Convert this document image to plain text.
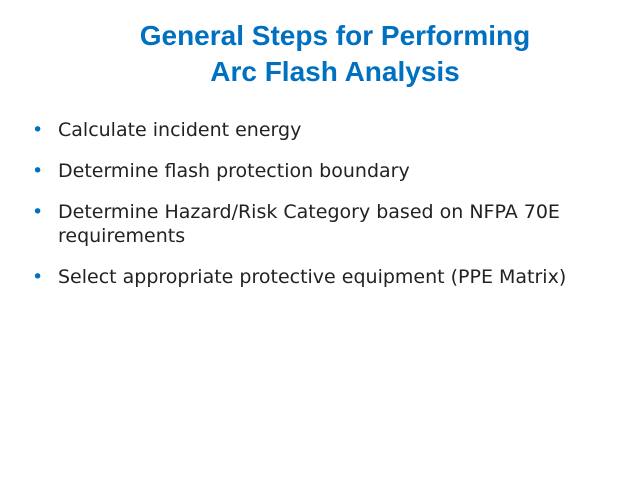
General Steps for Performing
Arc Flash Analysis
• Calculate incident energy
• Determine flash protection boundary
• Determine Hazard/Risk Category based on NFPA 70E requirements
• Select appropriate protective equipment (PPE Matrix)
